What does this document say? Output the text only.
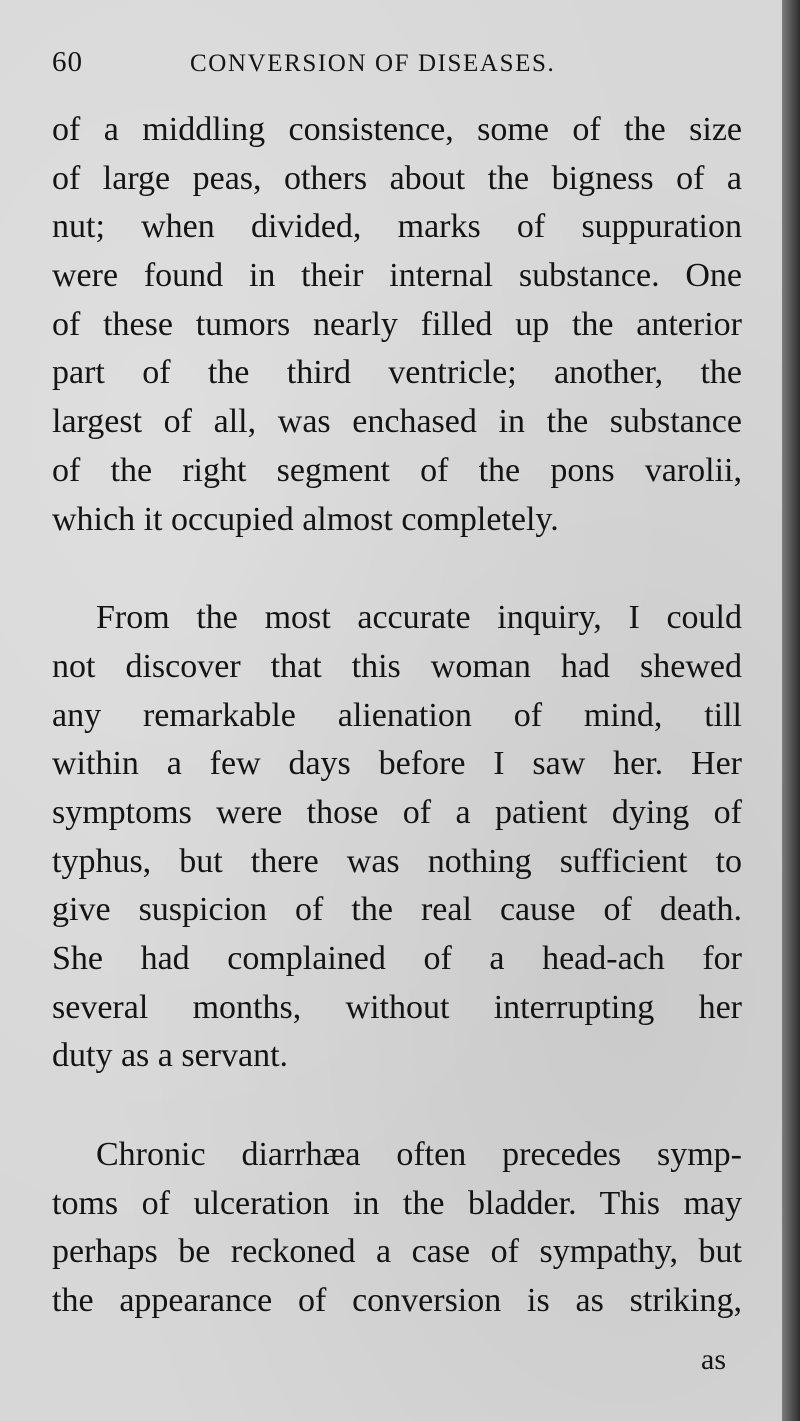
60	CONVERSION OF DISEASES.
of a middling consistence, some of the size
of large peas, others about the bigness of a
nut; when divided, marks of suppuration
were found in their internal substance. One
of these tumors nearly filled up the anterior
part of the third ventricle; another, the
largest of all, was enchased in the substance
of the right segment of the pons varolii,
which it occupied almost completely.
From the most accurate inquiry, I could
not discover that this woman had shewed
any remarkable alienation of mind, till
within a few days before I saw her. Her
symptoms were those of a patient dying of
typhus, but there was nothing sufficient to
give suspicion of the real cause of death.
She had complained of a head-ach for
several months, without interrupting her
duty as a servant.
Chronic diarrhæa often precedes symp-
toms of ulceration in the bladder. This may
perhaps be reckoned a case of sympathy, but
the appearance of conversion is as striking,
as
